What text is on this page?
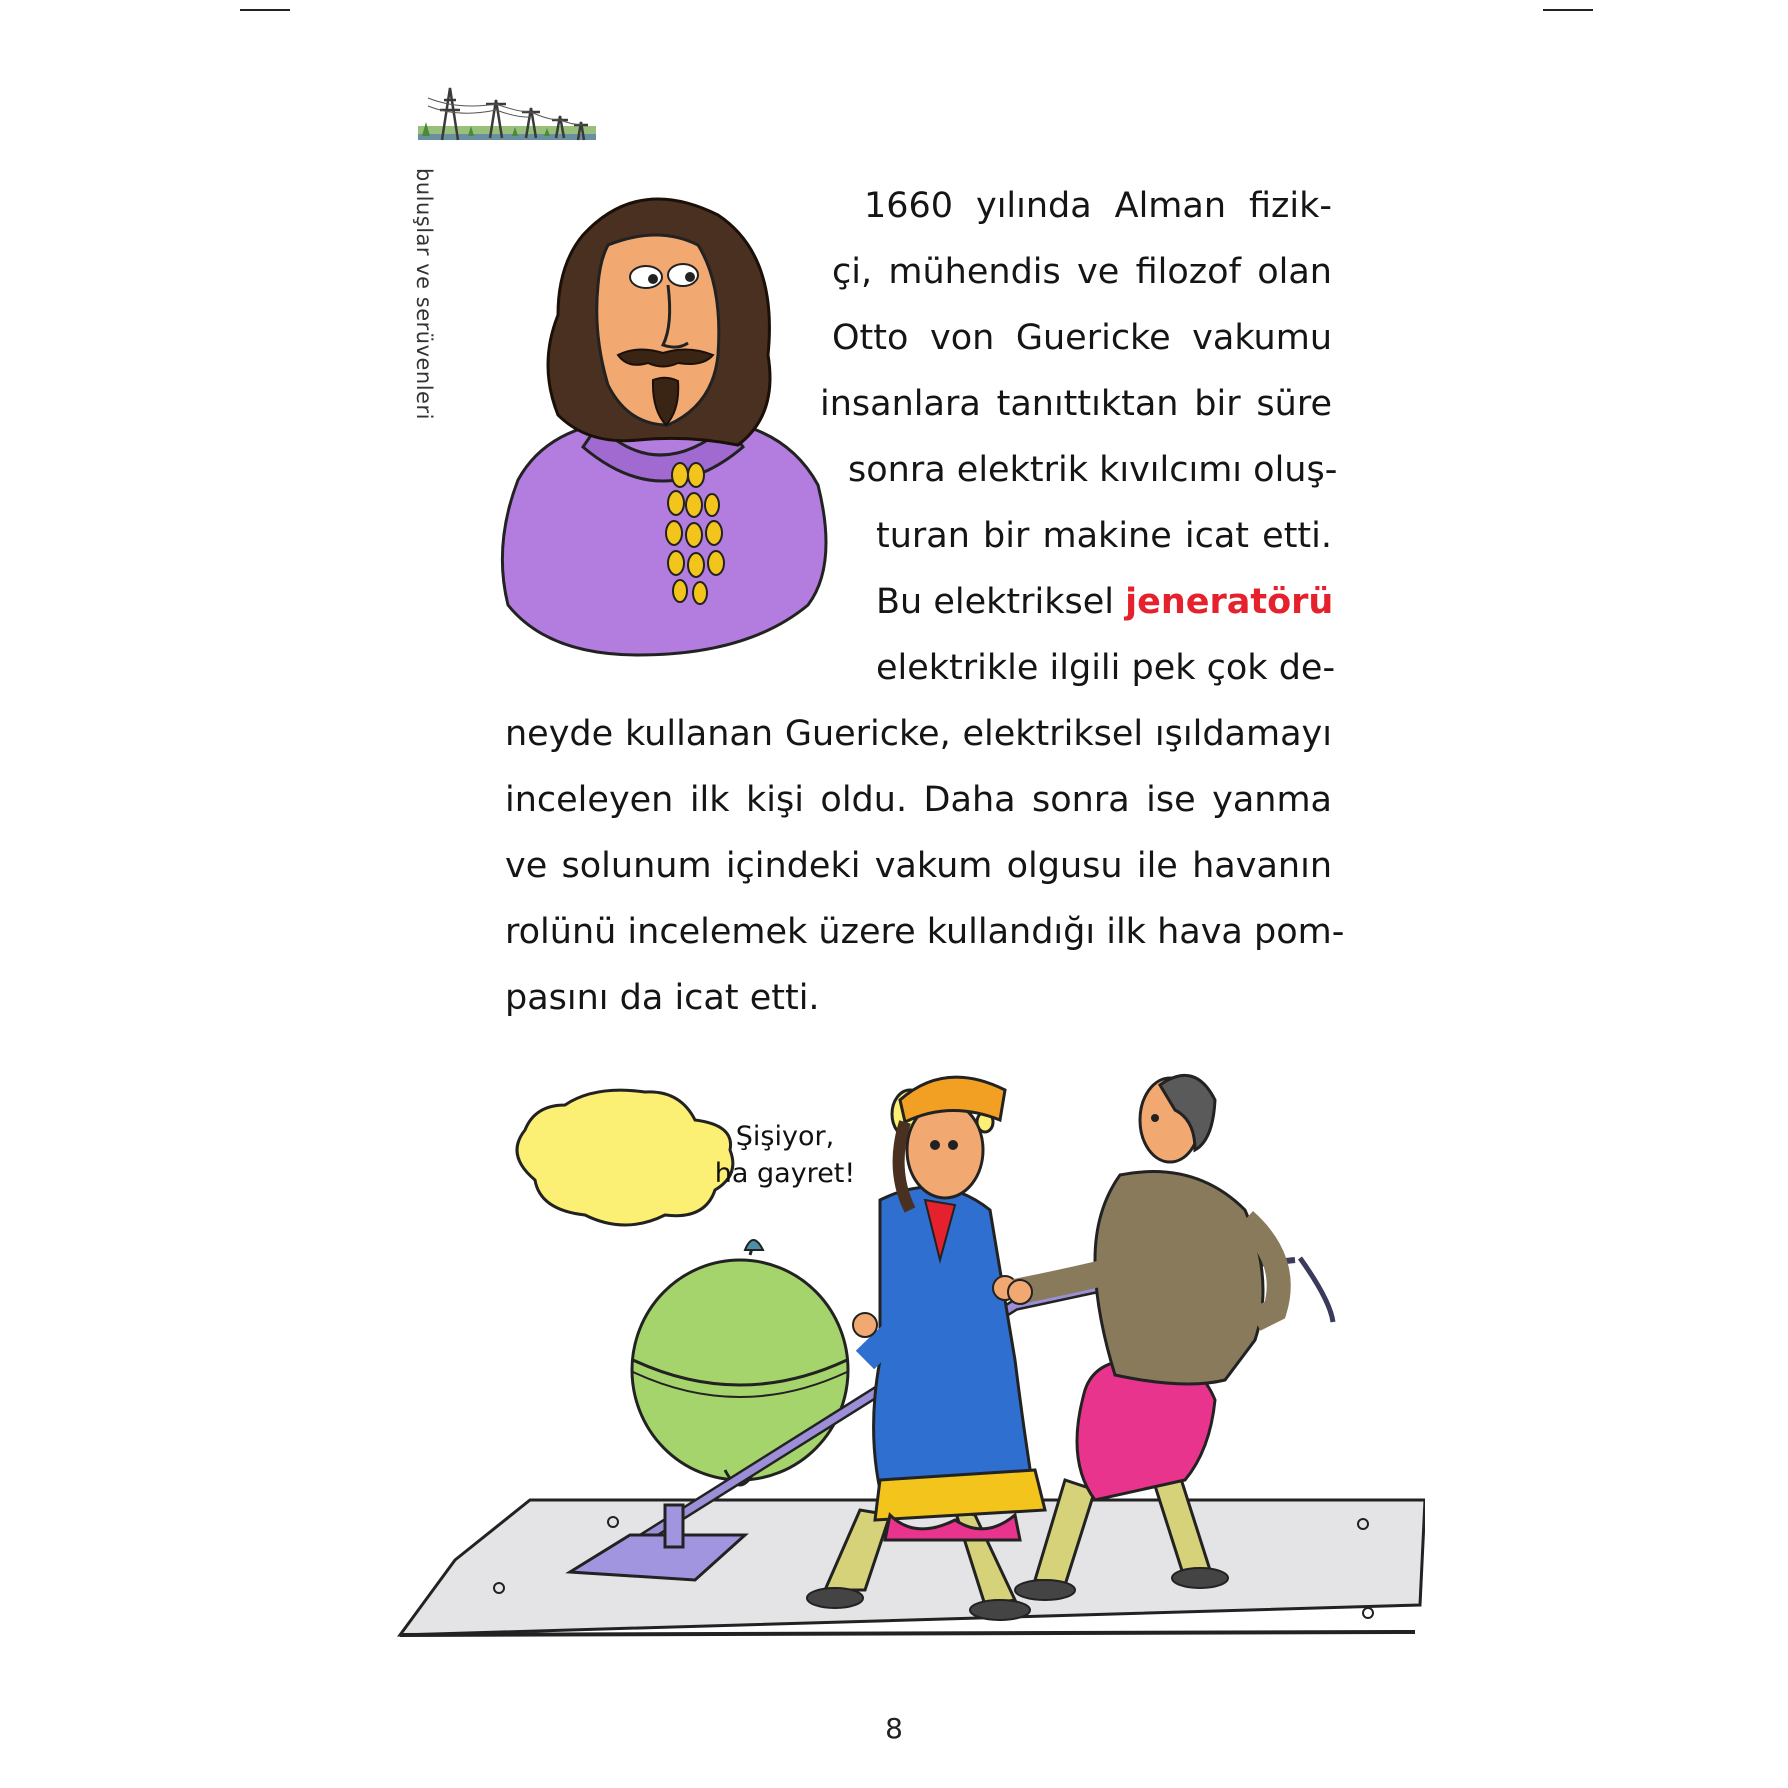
buluşlar ve serüvenleri	1660 yılında Alman fizik-
çi, mühendis ve filozof olan
Otto von Guericke vakumu
insanlara tanıttıktan bir süre
sonra elektrik kıvılcımı oluş-
turan bir makine icat etti.
Bu elektriksel jeneratörü
elektrikle ilgili pek çok de-
neyde kullanan Guericke, elektriksel ışıldamayı
inceleyen ilk kişi oldu. Daha sonra ise yanma
ve solunum içindeki vakum olgusu ile havanın
rolünü incelemek üzere kullandığı ilk hava pom-
pasını da icat etti.
Şişiyor,
ha gayret!
8
